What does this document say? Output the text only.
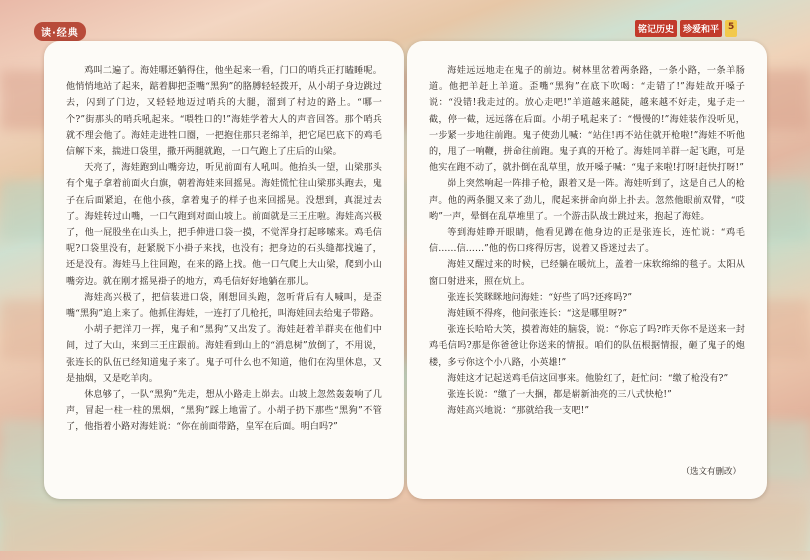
读·经典	铭记历史	珍爱和平	5

鸡叫二遍了。海娃哪还躺得住，他坐起来一看，门口的哨兵正打瞌睡呢。他悄悄地站了起来，踮着脚把歪嘴“黑狗”的胳膊轻轻拨开，从小胡子身边跳过去，闪到了门边，又轻轻地迈过哨兵的大腿，溜到了村边的路上。“哪一个?”街那头的哨兵吼起来。“喂牲口的!”海娃学着大人的声音回答。那个哨兵就不理会他了。海娃走进牲口圈，一把抱住那只老绵羊，把它尾巴底下的鸡毛信解下来，揣进口袋里，撒开两腿就跑，一口气跑上了庄后的山梁。

天亮了，海娃跑到山嘴旁边，听见前面有人吼叫。他抬头一望，山梁那头有个鬼子拿着前面火白旗，朝着海娃来回摇晃。海娃慌忙往山梁那头跑去，鬼子在后面紧追，在他小孩，拿着鬼子的样子也来回摇晃。没想到，真混过去了。海娃转过山嘴，一口气跑到对面山坡上。前面就是三王庄啦。海娃高兴极了，他一屁股坐在山头上，把手伸进口袋一摸，不觉浑身打起哆嗦来。鸡毛信呢?口袋里没有，赶紧脱下小褂子来找，也没有；把身边的石头缝都找遍了，还是没有。海娃马上往回跑，在来的路上找。他一口气爬上大山梁，爬到小山嘴旁边。就在刚才摇晃褂子的地方，鸡毛信好好地躺在那儿。

海娃高兴极了，把信装进口袋，刚想回头跑，忽听背后有人喊叫，是歪嘴“黑狗”追上来了。他抓住海娃，一连打了几枪托，叫海娃回去给鬼子带路。

小胡子把洋刀一挥，鬼子和“黑狗”又出发了。海娃赶着羊群夹在他们中间，过了大山，来到三王庄跟前。海娃看到山上的“消息树”放倒了，不用说，张连长的队伍已经知道鬼子来了。鬼子可什么也不知道，他们在沟里休息，又是抽烟，又是吃羊肉。

休息够了，一队“黑狗”先走，想从小路走上峁去。山坡上忽然轰轰响了几声，冒起一柱一柱的黑烟，“黑狗”踩上地雷了。小胡子扔下那些“黑狗”不管了，他指着小路对海娃说：“你在前面带路，皇军在后面。明白吗?”

海娃远远地走在鬼子的前边。树林里岔着两条路，一条小路，一条羊肠道。他把羊赶上羊道。歪嘴“黑狗”在底下吹喝：“走错了!”海娃故开嗓子说：“没错!我走过的。放心走吧!”羊道越来越陡，越来越不好走，鬼子走一截，停一截，远远落在后面。小胡子吼起来了：“慢慢的!”海娃装作没听见，一步紧一步地往前跑。鬼子使劲儿喊：“站住!再不站住就开枪啦!”海娃不听他的，甩了一响鞭，拼命往前跑。鬼子真的开枪了。海娃同羊群一起飞跑，可是他实在跑不动了，就扑倒在乱草里，放开嗓子喊：“鬼子来啦!打呀!赶快打呀!”

峁上突然响起一阵排子枪，跟着又是一阵。海娃听到了，这是自己人的枪声。他的两条腿又来了劲儿，爬起来拼命向峁上扑去。忽然他眼前双臂，“哎哟”一声，晕倒在乱草堆里了。一个游击队战士跳过来，抱起了海娃。

等到海娃睁开眼睛，他看见蹲在他身边的正是张连长，连忙说：“鸡毛信……信……”他的伤口疼得厉害，说着又昏迷过去了。

海娃又醒过来的时候，已经躺在暖炕上，盖着一床软绵绵的毯子。太阳从窗口射进来，照在炕上。

张连长笑眯眯地问海娃：“好些了吗?还疼吗?”

海娃顾不得疼，他问张连长：“这是哪里呀?”

张连长哈哈大笑，摸着海娃的脑袋，说：“你忘了吗?昨天你不是送来一封鸡毛信吗?那是你爸爸让你送来的情报。咱们的队伍根据情报，砸了鬼子的炮楼，多亏你这个小八路，小英雄!”

海娃这才记起送鸡毛信这回事来。他脸红了，赶忙问：“缴了枪没有?”

张连长说：“缴了一大捆，都是崭新油亮的三八式快枪!”

海娃高兴地说：“那就给我一支吧!”

（选文有删改）
